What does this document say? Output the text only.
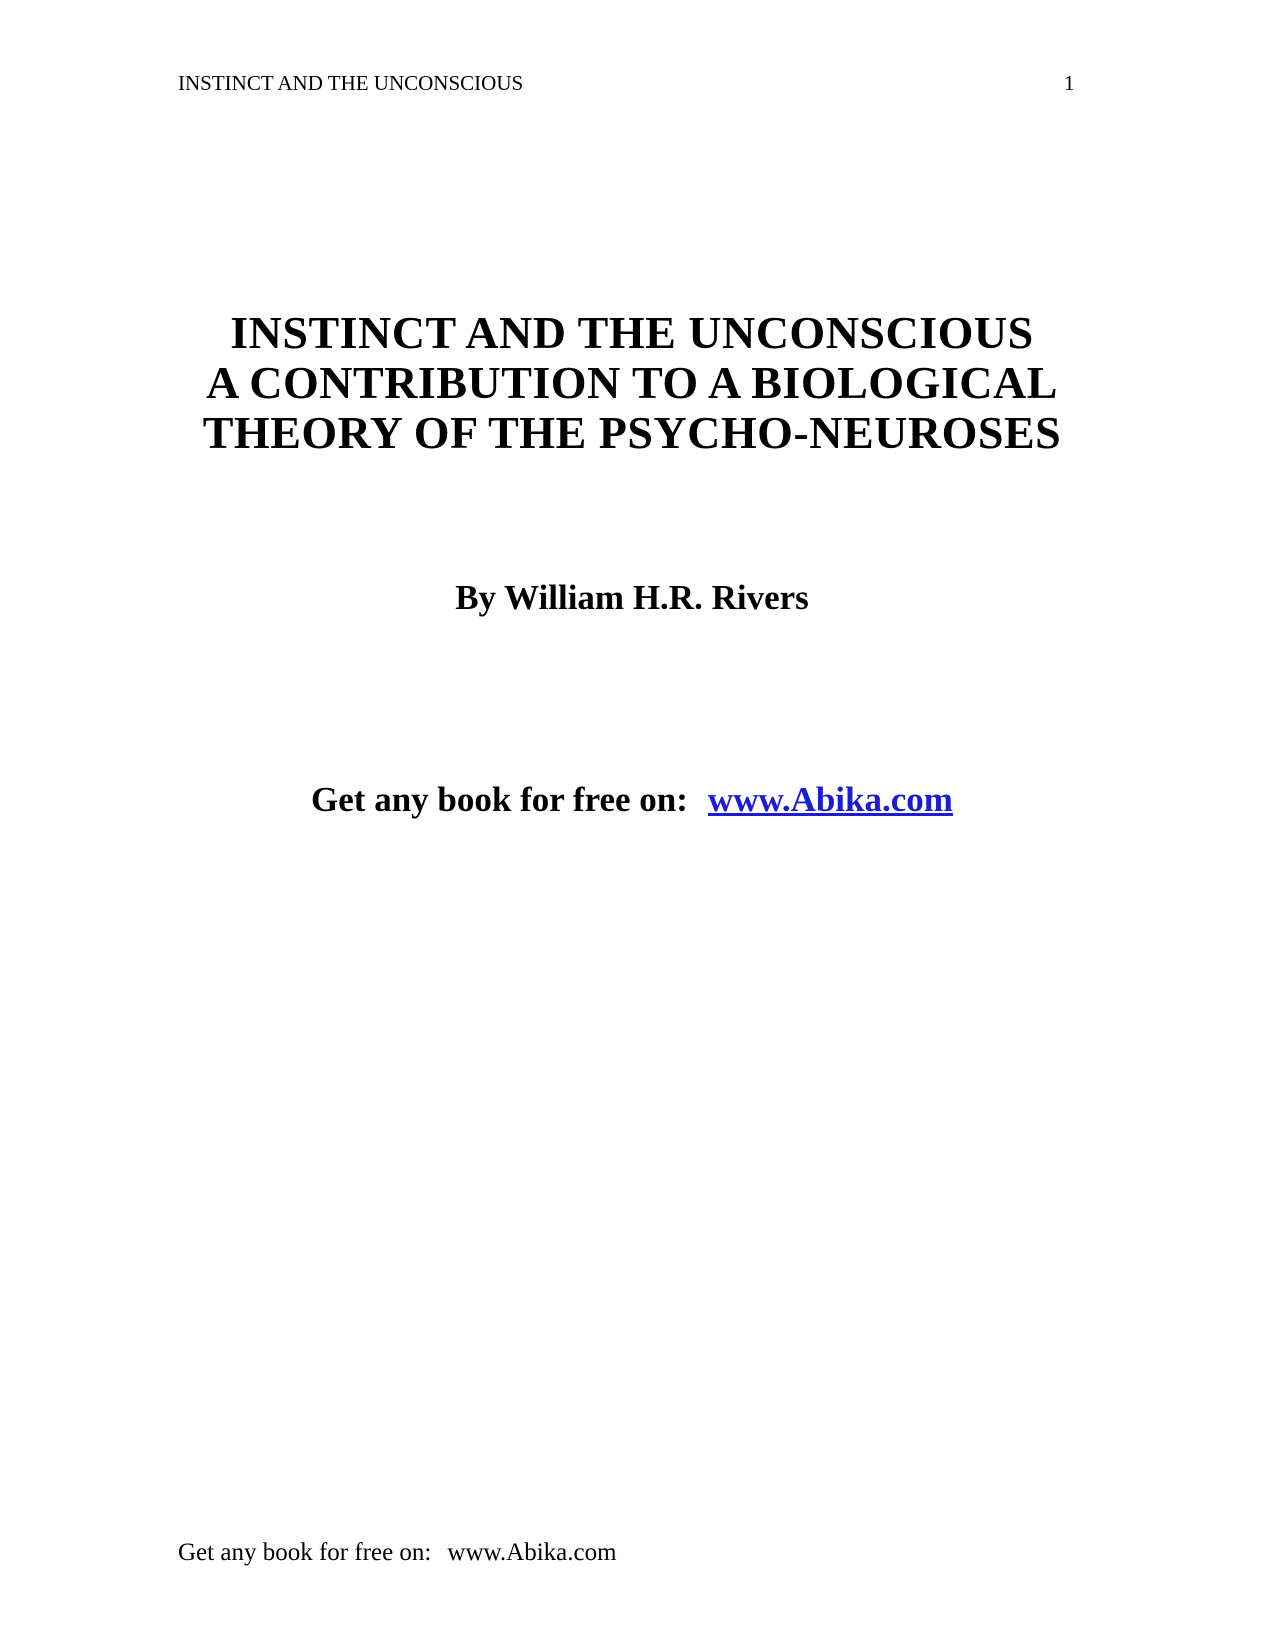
INSTINCT AND THE UNCONSCIOUS	1
INSTINCT AND THE UNCONSCIOUS
A CONTRIBUTION TO A BIOLOGICAL
THEORY OF THE PSYCHO-NEUROSES
By William H.R. Rivers
Get any book for free on: www.Abika.com
Get any book for free on: www.Abika.com
